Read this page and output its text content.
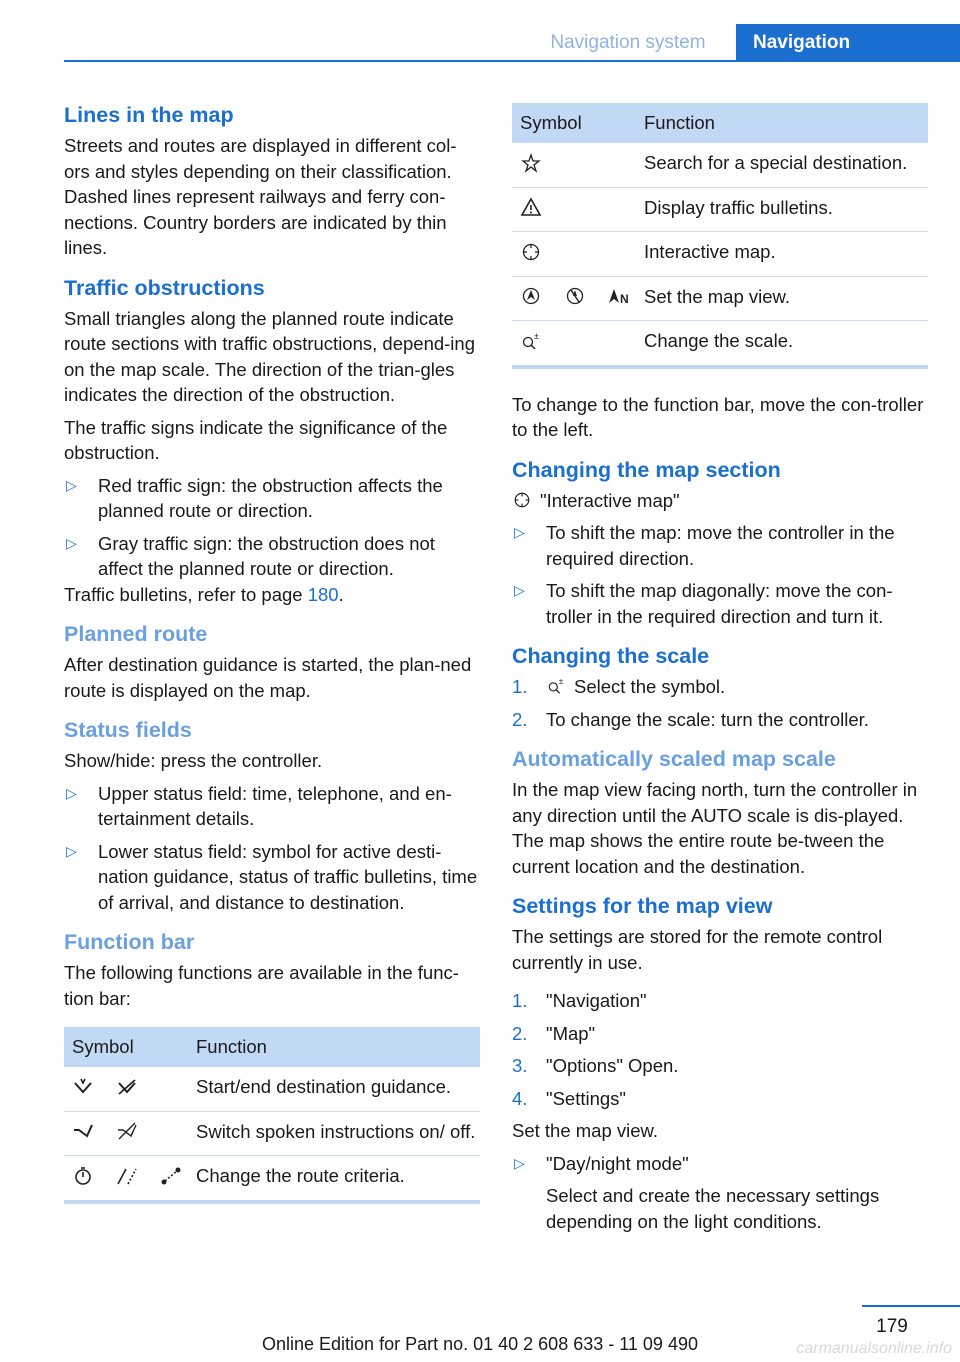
Navigation system	Navigation
Lines in the map

Streets and routes are displayed in different col-ors and styles depending on their classification. Dashed lines represent railways and ferry con-nections. Country borders are indicated by thin lines.

Traffic obstructions

Small triangles along the planned route indicate route sections with traffic obstructions, depend-ing on the map scale. The direction of the trian-gles indicates the direction of the obstruction.

The traffic signs indicate the significance of the obstruction.

▷ Red traffic sign: the obstruction affects the planned route or direction.
▷ Gray traffic sign: the obstruction does not affect the planned route or direction.

Traffic bulletins, refer to page 180.

Planned route

After destination guidance is started, the plan-ned route is displayed on the map.

Status fields

Show/hide: press the controller.

▷ Upper status field: time, telephone, and en-tertainment details.
▷ Lower status field: symbol for active desti-nation guidance, status of traffic bulletins, time of arrival, and distance to destination.
Function bar

The following functions are available in the func-tion bar:

Symbol	Function

	Start/end destination guidance.

	Switch spoken instructions on/ off.

	Change the route criteria.
Symbol	Function

	Search for a special destination.

	Display traffic bulletins.

	Interactive map.

N	Set the map view.

±	Change the scale.

To change to the function bar, move the con-troller to the left.

Changing the map section

"Interactive map"

▷ To shift the map: move the controller in the required direction.
▷ To shift the map diagonally: move the con-troller in the required direction and turn it.
Changing the scale
1.	± Select the symbol.
2. To change the scale: turn the controller.
Automatically scaled map scale

In the map view facing north, turn the controller in any direction until the AUTO scale is dis-played. The map shows the entire route be-tween the current location and the destination.

Settings for the map view

The settings are stored for the remote control currently in use.

1. "Navigation"
2. "Map"
3. "Options" Open.
4. "Settings"

Set the map view.

▷ "Day/night mode"
Select and create the necessary settings depending on the light conditions.
179
Online Edition for Part no. 01 40 2 608 633 - 11 09 490	carmanualsonline.info
